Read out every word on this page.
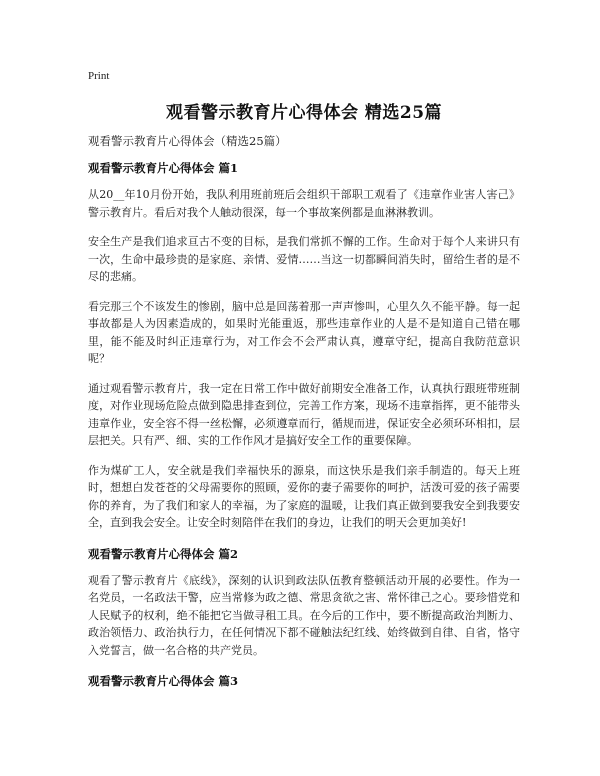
Print
观看警示教育片心得体会 精选25篇
观看警示教育片心得体会（精选25篇）
观看警示教育片心得体会 篇1

从20__年10月份开始，我队利用班前班后会组织干部职工观看了《违章作业害人害己》警示教育片。看后对我个人触动很深，每一个事故案例都是血淋淋教训。

安全生产是我们追求亘古不变的目标，是我们常抓不懈的工作。生命对于每个人来讲只有一次，生命中最珍贵的是家庭、亲情、爱情……当这一切都瞬间消失时，留给生者的是不尽的悲痛。

看完那三个不该发生的惨剧，脑中总是回荡着那一声声惨叫，心里久久不能平静。每一起事故都是人为因素造成的，如果时光能重返，那些违章作业的人是不是知道自己错在哪里，能不能及时纠正违章行为，对工作会不会严肃认真，遵章守纪，提高自我防范意识呢？

通过观看警示教育片，我一定在日常工作中做好前期安全准备工作，认真执行跟班带班制度，对作业现场危险点做到隐患排查到位，完善工作方案，现场不违章指挥，更不能带头违章作业，安全容不得一丝松懈，必须遵章而行，循规而进，保证安全必须环环相扣，层层把关。只有严、细、实的工作作风才是搞好安全工作的重要保障。

作为煤矿工人，安全就是我们幸福快乐的源泉，而这快乐是我们亲手制造的。每天上班时，想想白发苍苍的父母需要你的照顾，爱你的妻子需要你的呵护，活泼可爱的孩子需要你的养育，为了我们和家人的幸福，为了家庭的温暖，让我们真正做到要我安全到我要安全，直到我会安全。让安全时刻陪伴在我们的身边，让我们的明天会更加美好!

观看警示教育片心得体会 篇2

观看了警示教育片《底线》，深刻的认识到政法队伍教育整顿活动开展的必要性。作为一名党员，一名政法干警，应当常修为政之德、常思贪欲之害、常怀律己之心。要珍惜党和人民赋予的权利，绝不能把它当做寻租工具。在今后的工作中，要不断提高政治判断力、政治领悟力、政治执行力，在任何情况下都不碰触法纪红线、始终做到自律、自省，恪守入党誓言，做一名合格的共产党员。

观看警示教育片心得体会 篇3
